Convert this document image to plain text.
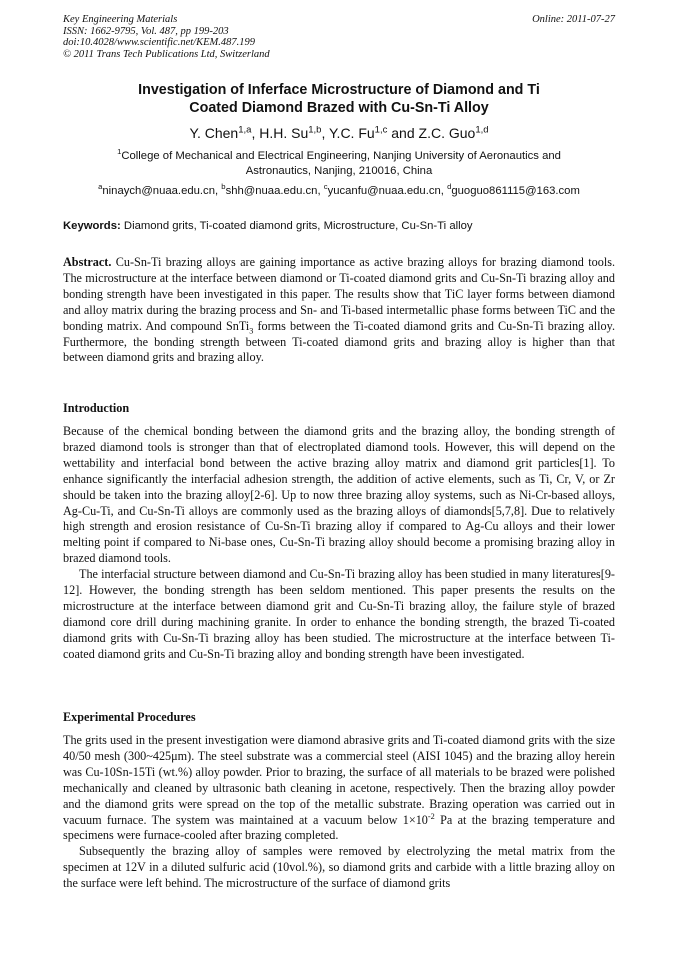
Key Engineering Materials
ISSN: 1662-9795, Vol. 487, pp 199-203
doi:10.4028/www.scientific.net/KEM.487.199
© 2011 Trans Tech Publications Ltd, Switzerland
Online: 2011-07-27
Investigation of Inferface Microstructure of Diamond and Ti
Coated Diamond Brazed with Cu-Sn-Ti Alloy
Y. Chen$^{1,a}$, H.H. Su$^{1,b}$, Y.C. Fu$^{1,c}$ and Z.C. Guo$^{1,d}$
$^1$College of Mechanical and Electrical Engineering, Nanjing University of Aeronautics and
Astronautics, Nanjing, 210016, China
$^a$ninaych@nuaa.edu.cn, $^b$shh@nuaa.edu.cn, $^c$yucanfu@nuaa.edu.cn, $^d$guoguo861115@163.com
Keywords: Diamond grits, Ti-coated diamond grits, Microstructure, Cu-Sn-Ti alloy

Abstract. Cu-Sn-Ti brazing alloys are gaining importance as active brazing alloys for brazing diamond tools. The microstructure at the interface between diamond or Ti-coated diamond grits and Cu-Sn-Ti brazing alloy and bonding strength have been investigated in this paper. The results show that TiC layer forms between diamond and alloy matrix during the brazing process and Sn- and Ti-based intermetallic phase forms between TiC and the bonding matrix. And compound SnTi$_3$ forms between the Ti-coated diamond grits and Cu-Sn-Ti brazing alloy. Furthermore, the bonding strength between Ti-coated diamond grits and brazing alloy is higher than that between diamond grits and brazing alloy.

Introduction

Because of the chemical bonding between the diamond grits and the brazing alloy, the bonding strength of brazed diamond tools is stronger than that of electroplated diamond tools. However, this will depend on the wettability and interfacial bond between the active brazing alloy matrix and diamond grit particles[1]. To enhance significantly the interfacial adhesion strength, the addition of active elements, such as Ti, Cr, V, or Zr should be taken into the brazing alloy[2-6]. Up to now three brazing alloy systems, such as Ni-Cr-based alloys, Ag-Cu-Ti, and Cu-Sn-Ti alloys are commonly used as the brazing alloys of diamonds[5,7,8]. Due to relatively high strength and erosion resistance of Cu-Sn-Ti brazing alloy if compared to Ag-Cu alloys and their lower melting point if compared to Ni-base ones, Cu-Sn-Ti brazing alloy should become a promising brazing alloy in brazed diamond tools.

The interfacial structure between diamond and Cu-Sn-Ti brazing alloy has been studied in many literatures[9-12]. However, the bonding strength has been seldom mentioned. This paper presents the results on the microstructure at the interface between diamond grit and Cu-Sn-Ti brazing alloy, the failure style of brazed diamond core drill during machining granite. In order to enhance the bonding strength, the brazed Ti-coated diamond grits with Cu-Sn-Ti brazing alloy has been studied. The microstructure at the interface between Ti-coated diamond grits and Cu-Sn-Ti brazing alloy and bonding strength have been investigated.

Experimental Procedures

The grits used in the present investigation were diamond abrasive grits and Ti-coated diamond grits with the size 40/50 mesh (300~425μm). The steel substrate was a commercial steel (AISI 1045) and the brazing alloy herein was Cu-10Sn-15Ti (wt.%) alloy powder. Prior to brazing, the surface of all materials to be brazed were polished mechanically and cleaned by ultrasonic bath cleaning in acetone, respectively. Then the brazing alloy powder and the diamond grits were spread on the top of the metallic substrate. Brazing operation was carried out in vacuum furnace. The system was maintained at a vacuum below $1\times 10^{-2}$ Pa at the brazing temperature and specimens were furnace-cooled after brazing completed.

Subsequently the brazing alloy of samples were removed by electrolyzing the metal matrix from the specimen at 12V in a diluted sulfuric acid (10vol.%), so diamond grits and carbide with a little brazing alloy on the surface were left behind. The microstructure of the surface of diamond grits
